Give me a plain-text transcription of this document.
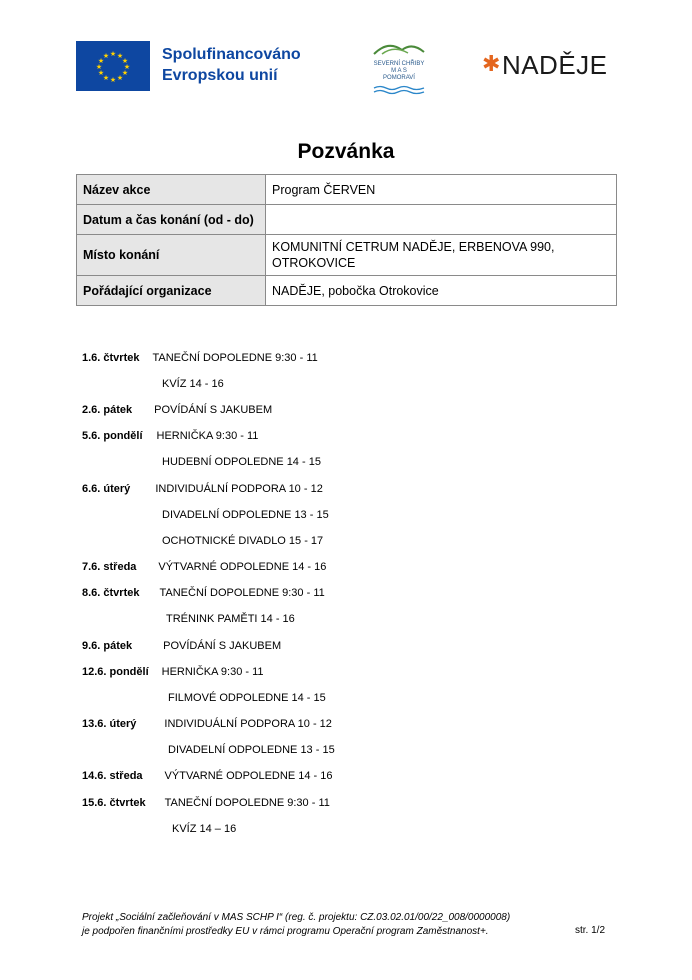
★ ★
★
★
★
★
★
★
★
★
★
★	Spolufinancováno
Evropskou unií
SEVERNÍ CHŘIBY
M A S
POMORAVÍ
✱NADĚJE
Pozvánka
Název akce	Program ČERVEN
Datum a čas konání (od - do)	
Místo konání	KOMUNITNÍ CETRUM NADĚJE, ERBENOVA 990,
OTROKOVICE

Pořádající organizace	NADĚJE, pobočka Otrokovice
1.6. čtvrtek TANEČNÍ DOPOLEDNE 9:30 - 11
KVÍZ 14 - 16
2.6. pátek POVÍDÁNÍ S JAKUBEM
5.6. pondělí HERNIČKA 9:30 - 11
HUDEBNÍ ODPOLEDNE 14 - 15
6.6. úterý INDIVIDUÁLNÍ PODPORA 10 - 12
DIVADELNÍ ODPOLEDNE 13 - 15
OCHOTNICKÉ DIVADLO 15 - 17
7.6. středa VÝTVARNÉ ODPOLEDNE 14 - 16
8.6. čtvrtek TANEČNÍ DOPOLEDNE 9:30 - 11
TRÉNINK PAMĚTI 14 - 16
9.6. pátek	POVÍDÁNÍ S JAKUBEM
12.6. pondělí HERNIČKA 9:30 - 11
FILMOVÉ ODPOLEDNE 14 - 15
13.6. úterý	INDIVIDUÁLNÍ PODPORA 10 - 12
DIVADELNÍ ODPOLEDNE 13 - 15
14.6. středa VÝTVARNÉ ODPOLEDNE 14 - 16
15.6. čtvrtek TANEČNÍ DOPOLEDNE 9:30 - 11
KVÍZ 14 – 16
Projekt „Sociální začleňování v MAS SCHP I“ (reg. č. projektu: CZ.03.02.01/00/22_008/0000008)
je podpořen finančními prostředky EU v rámci programu Operační program Zaměstnanost+.	str. 1/2
